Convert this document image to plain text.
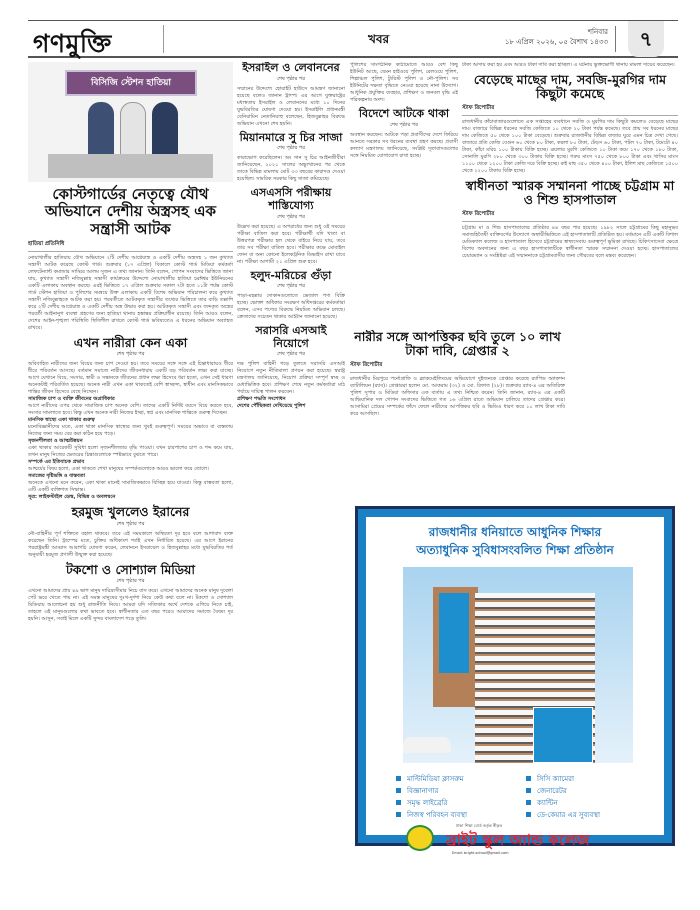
গণমুক্তি	খবর	শনিবার
১৮ এপ্রিল ২০২৬, ০৫ বৈশাখ ১৪৩৩	৭
বিসিজি স্টেশন হাতিয়া
কোস্টগার্ডের নেতৃত্বে যৌথ অভিযানে দেশীয় অস্ত্রসহ এক সন্ত্রাসী আটক
হাতিয়া প্রতিনিধি

নোয়াখালীর হাতিয়ায় যৌথ অভিযানে ২টি দেশীয় আগ্নেয়াস্ত্র ও একটি দেশীয় অস্ত্রসহ ১ জন কুখ্যাত সন্ত্রাসী আটক করেছে কোস্ট গার্ড। শুক্রবার (১৭ এপ্রিল) বিকালে কোস্ট গার্ড মিডিয়া কর্মকর্তা লেফটেন্যান্ট কমান্ডার সাব্বির আলম সুজন এ তথ্য জানান। তিনি বলেন, গোপন সংবাদের ভিত্তিতে জানা যায়, কুখ্যাত সন্ত্রাসী নজিবুল্লাহ সন্ত্রাসী কার্যক্রমের উদ্দেশ্যে নোয়াখালীর হাতিয়া চরঈশ্বর ইউনিয়নের একটি এলাকায় অবস্থান করছে। এরই ভিত্তিতে ১৭ এপ্রিল শুক্রবার সকাল ৭টা হতে ১১টা পর্যন্ত কোস্ট গার্ড স্টেশন হাতিয়া ও পুলিশের সমন্বয়ে উক্ত এলাকায় একটি বিশেষ অভিযান পরিচালনা করে কুখ্যাত সন্ত্রাসী নজিবুল্লাহকে আটক করা হয়। পরবর্তীতে আটককৃত সন্ত্রাসীর তথ্যের ভিত্তিতে তার বাড়ি তল্লাশি করে ২টি দেশীয় আগ্নেয়াস্ত্র ও একটি দেশীয় অস্ত্র উদ্ধার করা হয়। আটককৃত সন্ত্রাসী এবং জব্দকৃত অস্ত্রের পরবর্তী আইনানুগ ব্যবস্থা গ্রহণের জন্য হাতিয়া থানায় হস্তান্তর প্রক্রিয়াধীন রয়েছে। তিনি আরও বলেন, দেশের আইন-শৃঙ্খলা পরিস্থিতি স্থিতিশীল রাখতে কোস্ট গার্ড ভবিষ্যতেও এ ধরনের অভিযান অব্যাহত রাখবে।

এখন নারীরা কেন একা
শেষ পৃষ্ঠার পর

অবিবাহিত নারীদের জন্য বিয়ের জন্য চাপ দেওয়া হয়। তবে সময়ের সঙ্গে সঙ্গে এই চিন্তাধারায়ও ধীরে ধীরে পরিবর্তন আসছে। বর্তমান সমাজে নারীদের জীবনধারায় একটি বড় পরিবর্তন লক্ষ্য করা যাচ্ছে। আগে যেখানে বিয়ে, সংসার, স্বামী ও সন্তানকে জীবনের প্রধান লক্ষ্য হিসেবে ধরা হতো, এখন সেই ধারণা অনেকটাই পরিবর্তিত হয়েছে। অনেক নারী এখন একা থাকতেই বেশি স্বাচ্ছন্দ্য, স্বাধীন এবং মানসিকভাবে শান্তির জীবন হিসেবে বেছে নিচ্ছেন।

সামাজিক চাপ ও ব্যক্তি জীবনের অগ্রাধিকার

আগে নারীদের ওপর থেকে সামাজিক চাপ অনেক বেশি। তাদের একটি নির্দিষ্ট বয়সে বিয়ে করতে হবে, সংসার সামলাতে হবে। কিন্তু এখন অনেক নারী নিজের ইচ্ছা, স্বপ্ন এবং মানসিক শান্তিকে গুরুত্ব দিচ্ছেন।

মানসিক স্বাস্থ্যে একা থাকার গুরুত্ব

মনোবিজ্ঞানীদের মতে, একা থাকা মানসিক স্বাস্থ্যের জন্য খুবই গুরুত্বপূর্ণ। সময়ের অভাবে বা ব্যস্ততায় নিজের জন্য সময় বের করা কঠিন হয়ে পড়ে।

সৃজনশীলতা ও আত্মউন্নয়ন

একা থাকার আরেকটি সুবিধা হলো সৃজনশীলতার বৃদ্ধি পাওয়া। যখন চারপাশের চাপ ও শব্দ কমে যায়, তখন মানুষ নিজের ভেতরের চিন্তাগুলোকে স্পষ্টভাবে বুঝতে পারে।

সম্পর্কে এর ইতিবাচক প্রভাব

আশ্চর্যের বিষয় হলো, একা থাকতে শেখা মানুষের সম্পর্কগুলোকে আরও ভালো করে তোলে।

সমাজের দৃষ্টিভঙ্গি ও বাস্তবতা

অনেকে এখনো মনে করেন, একা থাকা মানেই সামাজিকভাবে বিচ্ছিন্ন হয়ে যাওয়া। কিন্তু বাস্তবতা হলো, এটি একটি ব্যক্তিগত সিদ্ধান্ত।

সূত্র: লাইফস্টাইল ডেস্ক, বিভিন্ন ও অবলম্বনে
হরমুজ খুললেও ইরানের
শেষ পৃষ্ঠার পর

নৌ-বাহিনীর পূর্ণ শক্তিতে বহাল থাকবে। তবে এই সময়কালে অস্থিরতা দূর হবে বলে আশাবাদ ব্যক্ত করেছেন তিনি। ট্রাম্পের মতে, চুক্তির অধিকাংশ শর্তই এখন নির্ধারিত হয়েছে। এর আগে ইরানের পররাষ্ট্রমন্ত্রী আব্বাস আরাগচি ঘোষণা করেন, লেবাননে ইসরায়েল ও হিজবুল্লাহর মধ্যে যুদ্ধবিরতির শর্ত অনুযায়ী হরমুজ প্রণালী উন্মুক্ত করা হয়েছে।

টকশো ও সোশ্যাল মিডিয়া
শেষ পৃষ্ঠার পর

এখনো আমাদের প্রায় ৪৯ ভাগ মানুষ দারিদ্র্যসীমার নিচে বাস করে। এখনো আমাদের অনেক মানুষ দুবেলা পেট ভরে খেতে পায় না। এই সমস্ত মানুষের দুঃখ-দুর্দশা নিয়ে কেউ কথা বলে না। টকশো ও সোশ্যাল মিডিয়ায় আলোচনা হয় শুধু রাজনীতি নিয়ে। আমরা যদি সত্যিকার অর্থে দেশকে এগিয়ে নিতে চাই, তাহলে এই মানুষগুলোর কথা ভাবতে হবে। স্বাধীনতার এত বছর পরেও আমাদের সমাজে বৈষম্য দূর হয়নি। আসুন, সবাই মিলে একটি সুন্দর বাংলাদেশ গড়ে তুলি।

ইসরাইল ও লেবাননের
শেষ পৃষ্ঠার পর

সম্মানের উদ্দেশ্যে হোয়াইট হাউসে আমন্ত্রণ জানানো হয়েছে বলেও জানান ট্রাম্প। এর আগে যুক্তরাষ্ট্রের মধ্যস্থতায় ইসরাইল ও লেবাননের মধ্যে ১০ দিনের যুদ্ধবিরতির ঘোষণা দেওয়া হয়। ইসরাইলি প্রধানমন্ত্রী বেনিয়ামিন নেতানিয়াহু বলেছেন, হিজবুল্লাহর বিরুদ্ধে অভিযান এখনো শেষ হয়নি।

মিয়ানমারে সু চির সাজা
শেষ পৃষ্ঠার পর

কারাভোগ করেছিলেন। অং সান সু চির আইনজীবীরা জানিয়েছেন, ২০২১ সালের অভ্যুত্থানের পর থেকে তাকে বিভিন্ন মামলায় মোট ৩৩ বছরের কারাদণ্ড দেওয়া হয়েছিল। সামরিক সরকার কিছু সাজা কমিয়েছে।

এসএসসি পরীক্ষায় শাস্তিযোগ্য
শেষ পৃষ্ঠার পর

উল্লেখ করা হয়েছে। এ অপরাধের জন্য শুধু ওই সময়ের পরীক্ষা বাতিল করা হবে। পরীক্ষার্থী যদি খাতা বা উত্তরপত্র পরীক্ষার হল থেকে বাইরে নিয়ে যায়, তবে তার সব পরীক্ষা বাতিল হবে। পরীক্ষার কক্ষে মোবাইল ফোন বা অন্য কোনো ইলেকট্রনিক ডিভাইস রাখা যাবে না। পরীক্ষা আগামী ২১ এপ্রিল শুরু হবে।

হলুদ-মরিচের গুঁড়া
শেষ পৃষ্ঠার পর

পাড়া-মহল্লার দোকানগুলোতে ভেজাল পণ্য বিক্রি হচ্ছে। ভোক্তা অধিকার সংরক্ষণ অধিদপ্তরের কর্মকর্তারা বলেন, এসব পণ্যের বিরুদ্ধে নিয়মিত অভিযান চলছে। ক্রেতাদের সচেতন থাকার আহ্বান জানানো হয়েছে।

সরাসরি এসআই নিয়োগে
শেষ পৃষ্ঠার পর

দক্ষ পুলিশ বাহিনী গড়ে তুলতে সরাসরি এসআই নিয়োগে নতুন নীতিমালা প্রণয়ন করা হয়েছে। স্বরাষ্ট্র মন্ত্রণালয় জানিয়েছে, নিয়োগ প্রক্রিয়া সম্পূর্ণ স্বচ্ছ ও মেধাভিত্তিক হবে। প্রশিক্ষণ শেষে নতুন কর্মকর্তারা মাঠ পর্যায়ে দায়িত্ব পালন করবেন।

প্রশিক্ষণ পদ্ধতি সংশোধন
দেশের পৌঁছিকতা দেখিয়েছে পুলিশ

পুলিশের সাংগঠনিক কাঠামোতে আরও বেশ কিছু ইউনিট আছে, যেমন হাইওয়ে পুলিশ, রেলওয়ে পুলিশ, শিল্পাঞ্চল পুলিশ, ট্যুরিস্ট পুলিশ ও নৌ-পুলিশ। সব ইউনিটের দক্ষতা বৃদ্ধিতে নেওয়া হয়েছে নানা উদ্যোগ। আধুনিক প্রযুক্তির ব্যবহার, প্রশিক্ষণ ও জনবল বৃদ্ধি এই পরিকল্পনার অংশ।

বিদেশে আটকে থাকা
শেষ পৃষ্ঠার পর

অবস্থান করছেন। আটকে পড়া প্রবাসীদের দেশে ফিরিয়ে আনতে সরকার সব ধরনের ব্যবস্থা গ্রহণ করছে। প্রবাসী কল্যাণ মন্ত্রণালয় জানিয়েছে, সংশ্লিষ্ট দূতাবাসগুলোর সঙ্গে নিয়মিত যোগাযোগ রাখা হচ্ছে।

টাকা আদায় করা হয় এবং আরও টাকা দাবি করা হচ্ছিল। এ ঘটনায় ভুক্তভোগী থানায় মামলা দায়ের করেছেন।

বেড়েছে মাছের দাম, সবজি-মুরগির দাম কিছুটা কমেছে
স্টাফ রিপোর্টার

রাজধানীর কাঁচাবাজারগুলোতে এক সপ্তাহের ব্যবধানে সবজি ও মুরগির দাম কিছুটা কমলেও বেড়েছে মাছের দাম। বাজারে বিভিন্ন ধরনের সবজি কেজিতে ১০ থেকে ২০ টাকা পর্যন্ত কমেছে। তবে প্রায় সব ধরনের মাছের দাম কেজিতে ৫০ থেকে ১০০ টাকা বেড়েছে। শুক্রবার রাজধানীর বিভিন্ন বাজার ঘুরে এমন চিত্র দেখা গেছে। বাজারে প্রতি কেজি বেগুন ৬০ থেকে ৮০ টাকা, করলা ৮০ টাকা, ঢেঁড়স ৬০ টাকা, পটল ৭০ টাকা, টমেটো ৪০ টাকা, কাঁচা মরিচ ১০০ টাকায় বিক্রি হচ্ছে। ব্রয়লার মুরগি কেজিতে ১০ টাকা কমে ১৭০ থেকে ১৮০ টাকা, সোনালি মুরগি ২৮০ থেকে ৩০০ টাকায় বিক্রি হচ্ছে। গরুর মাংস ৭৫০ থেকে ৮০০ টাকা এবং খাসির মাংস ১১০০ থেকে ১২০০ টাকা কেজি দরে বিক্রি হচ্ছে। রুই মাছ ৩৫০ থেকে ৪০০ টাকা, ইলিশ মাছ কেজিতে ১৫০০ থেকে ২২০০ টাকায় বিক্রি হচ্ছে।

স্বাধীনতা স্মারক সম্মাননা পাচ্ছে চট্টগ্রাম মা ও শিশু হাসপাতাল
স্টাফ রিপোর্টার

চট্টগ্রাম মা ও শিশু হাসপাতালের প্রতিষ্ঠার ৪৪ বছর পার হয়েছে। ১৯৮২ সালে চট্টগ্রামের কিছু মহানুভব সমাজহিতৈষী ব্যক্তিবর্গের উদ্যোগে অস্থায়ীভিত্তিতে এই হাসপাতালটি প্রতিষ্ঠিত হয়। বর্তমানে এটি একটি বিশাল মেডিক্যাল কলেজ ও হাসপাতাল হিসেবে চট্টগ্রামের স্বাস্থ্যসেবায় গুরুত্বপূর্ণ ভূমিকা রাখছে। চিকিৎসাসেবা ক্ষেত্রে বিশেষ অবদানের জন্য এ বছর হাসপাতালটিকে স্বাধীনতা স্মারক সম্মাননা দেওয়া হচ্ছে। হাসপাতালের চেয়ারম্যান ও সংশ্লিষ্টরা এই সম্মাননাকে চট্টগ্রামবাসীর জন্য গৌরবের বলে মন্তব্য করেছেন।

নারীর সঙ্গে আপত্তিকর ছবি তুলে ১০ লাখ টাকা দাবি, গ্রেপ্তার ২
স্টাফ রিপোর্টার

রাজধানীর মিরপুরে পর্নোগ্রাফি ও ব্ল্যাকমেইলিংয়ের অভিযোগে দুইজনকে গ্রেপ্তার করেছে র‍্যাপিড অ্যাকশন ব্যাটালিয়ন (র‍্যাব)। গ্রেপ্তাররা হলেন মো. আকরাম (৩২) ও মো. রিফাত (২৮)। শুক্রবার র‍্যাব-৪ এর অতিরিক্ত পুলিশ সুপার ও মিডিয়া অফিসার এক বার্তায় এ তথ্য নিশ্চিত করেন। তিনি জানান, র‍্যাব-৪ এর একটি আভিযানিক দল গোপন সংবাদের ভিত্তিতে গত ১৬ এপ্রিল রাতে অভিযান চালিয়ে তাদের গ্রেপ্তার করে। আসামিরা প্রেমের সম্পর্কের ফাঁদে ফেলে নারীদের আপত্তিকর ছবি ও ভিডিও ধারণ করে ১০ লাখ টাকা দাবি করে আসছিল।

রাজধানীর ধনিয়াতে আধুনিক শিক্ষার
অত্যাধুনিক সুবিধাসংবলিত শিক্ষা প্রতিষ্ঠান
মাল্টিমিডিয়া ক্লাসরুম	সিসি ক্যামেরা
বিজ্ঞানাগার	জেনারেটর
সমৃদ্ধ লাইব্রেরি	ক্যান্টিন
নিজস্ব পরিবহন ব্যবস্থা	ডে-কেয়ার এর সুব্যবস্থা
ঢাকা শিক্ষা বোর্ড কর্তৃক স্বীকৃত
ব্রাইট স্কুল অ্যান্ড কলেজ
Email: bright.school@gmail.com
